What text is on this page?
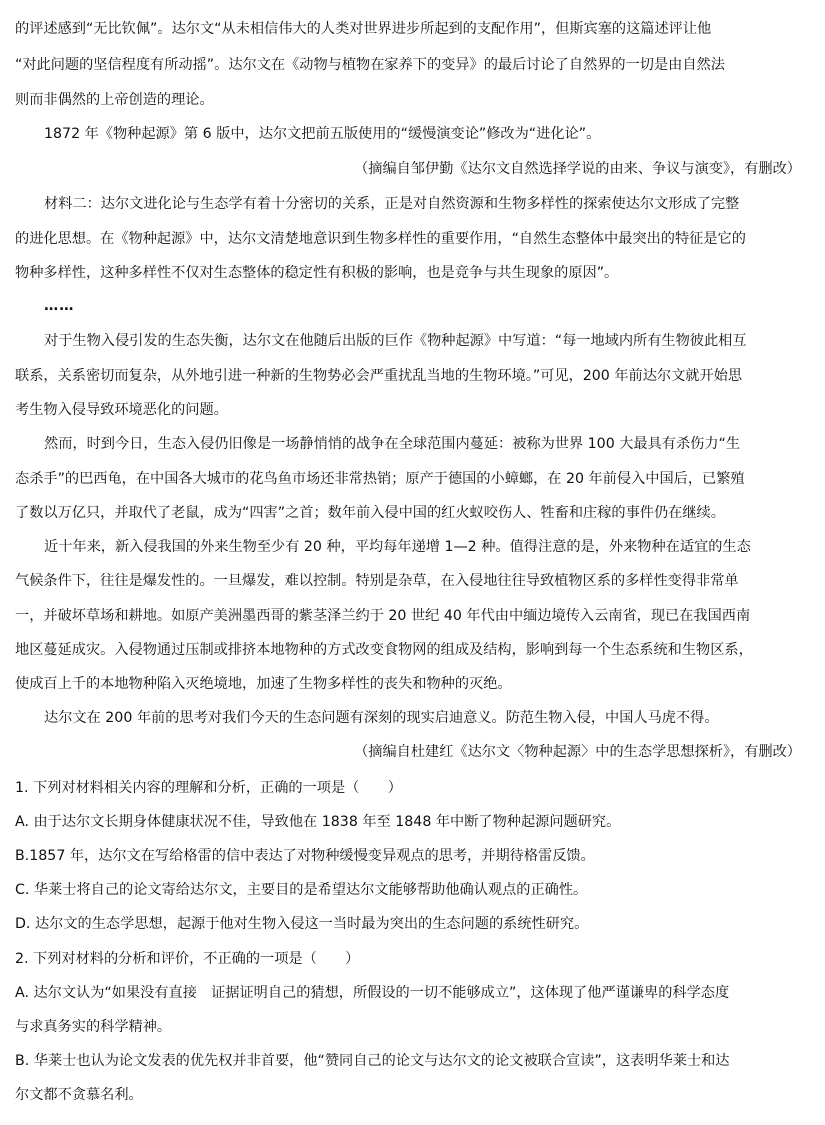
的评述感到“无比钦佩”。达尔文“从未相信伟大的人类对世界进步所起到的支配作用”，但斯宾塞的这篇述评让他
“对此问题的坚信程度有所动摇”。达尔文在《动物与植物在家养下的变异》的最后讨论了自然界的一切是由自然法
则而非偶然的上帝创造的理论。
1872 年《物种起源》第 6 版中，达尔文把前五版使用的“缓慢演变论”修改为“进化论”。
（摘编自邹伊勤《达尔文自然选择学说的由来、争议与演变》，有删改）
材料二：达尔文进化论与生态学有着十分密切的关系，正是对自然资源和生物多样性的探索使达尔文形成了完整
的进化思想。在《物种起源》中，达尔文清楚地意识到生物多样性的重要作用，“自然生态整体中最突出的特征是它的
物种多样性，这种多样性不仅对生态整体的稳定性有积极的影响，也是竞争与共生现象的原因”。
……
对于生物入侵引发的生态失衡，达尔文在他随后出版的巨作《物种起源》中写道：“每一地域内所有生物彼此相互
联系，关系密切而复杂，从外地引进一种新的生物势必会严重扰乱当地的生物环境。”可见，200 年前达尔文就开始思
考生物入侵导致环境恶化的问题。
然而，时到今日，生态入侵仍旧像是一场静悄悄的战争在全球范围内蔓延：被称为世界 100 大最具有杀伤力“生
态杀手”的巴西龟，在中国各大城市的花鸟鱼市场还非常热销；原产于德国的小蟑螂，在 20 年前侵入中国后，已繁殖
了数以万亿只，并取代了老鼠，成为“四害”之首；数年前入侵中国的红火蚁咬伤人、牲畜和庄稼的事件仍在继续。
近十年来，新入侵我国的外来生物至少有 20 种，平均每年递增 1—2 种。值得注意的是，外来物种在适宜的生态
气候条件下，往往是爆发性的。一旦爆发，难以控制。特别是杂草，在入侵地往往导致植物区系的多样性变得非常单
一，并破坏草场和耕地。如原产美洲墨西哥的紫茎泽兰约于 20 世纪 40 年代由中缅边境传入云南省，现已在我国西南
地区蔓延成灾。入侵物通过压制或排挤本地物种的方式改变食物网的组成及结构，影响到每一个生态系统和生物区系，
使成百上千的本地物种陷入灭绝境地，加速了生物多样性的丧失和物种的灭绝。
达尔文在 200 年前的思考对我们今天的生态问题有深刻的现实启迪意义。防范生物入侵，中国人马虎不得。
（摘编自杜建红《达尔文〈物种起源〉中的生态学思想探析》，有删改）
1. 下列对材料相关内容的理解和分析，正确的一项是（　　）
A. 由于达尔文长期身体健康状况不佳，导致他在 1838 年至 1848 年中断了物种起源问题研究。
B.1857 年，达尔文在写给格雷的信中表达了对物种缓慢变异观点的思考，并期待格雷反馈。
C. 华莱士将自己的论文寄给达尔文，主要目的是希望达尔文能够帮助他确认观点的正确性。
D. 达尔文的生态学思想，起源于他对生物入侵这一当时最为突出的生态问题的系统性研究。
2. 下列对材料的分析和评价，不正确的一项是（　　）
A. 达尔文认为“如果没有直接　证据证明自己的猜想，所假设的一切不能够成立”，这体现了他严谨谦卑的科学态度
与求真务实的科学精神。
B. 华莱士也认为论文发表的优先权并非首要，他“赞同自己的论文与达尔文的论文被联合宣读”，这表明华莱士和达
尔文都不贪慕名利。
